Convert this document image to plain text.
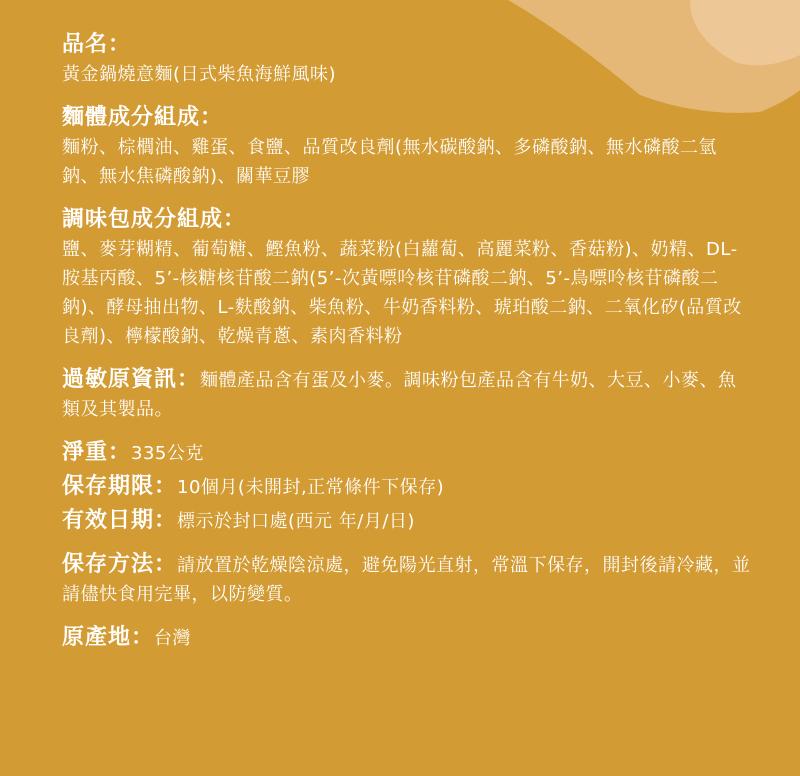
品名：
黃金鍋燒意麵(日式柴魚海鮮風味)
麵體成分組成：
麵粉、棕櫚油、雞蛋、食鹽、品質改良劑(無水碳酸鈉、多磷酸鈉、無水磷酸二氫鈉、無水焦磷酸鈉)、關華豆膠
調味包成分組成：
鹽、麥芽糊精、葡萄糖、鰹魚粉、蔬菜粉(白蘿蔔、高麗菜粉、香菇粉)、奶精、DL-胺基丙酸、5’-核糖核苷酸二鈉(5’-次黃嘌呤核苷磷酸二鈉、5’-鳥嘌呤核苷磷酸二鈉)、酵母抽出物、L-麩酸鈉、柴魚粉、牛奶香料粉、琥珀酸二鈉、二氧化矽(品質改良劑)、檸檬酸鈉、乾燥青蔥、素肉香料粉
過敏原資訊：麵體產品含有蛋及小麥。調味粉包產品含有牛奶、大豆、小麥、魚類及其製品。
淨重：335公克
保存期限：10個月(未開封,正常條件下保存)
有效日期：標示於封口處(西元 年/月/日)
保存方法：請放置於乾燥陰涼處，避免陽光直射，常溫下保存，開封後請冷藏，並請儘快食用完畢，以防變質。
原產地：台灣
